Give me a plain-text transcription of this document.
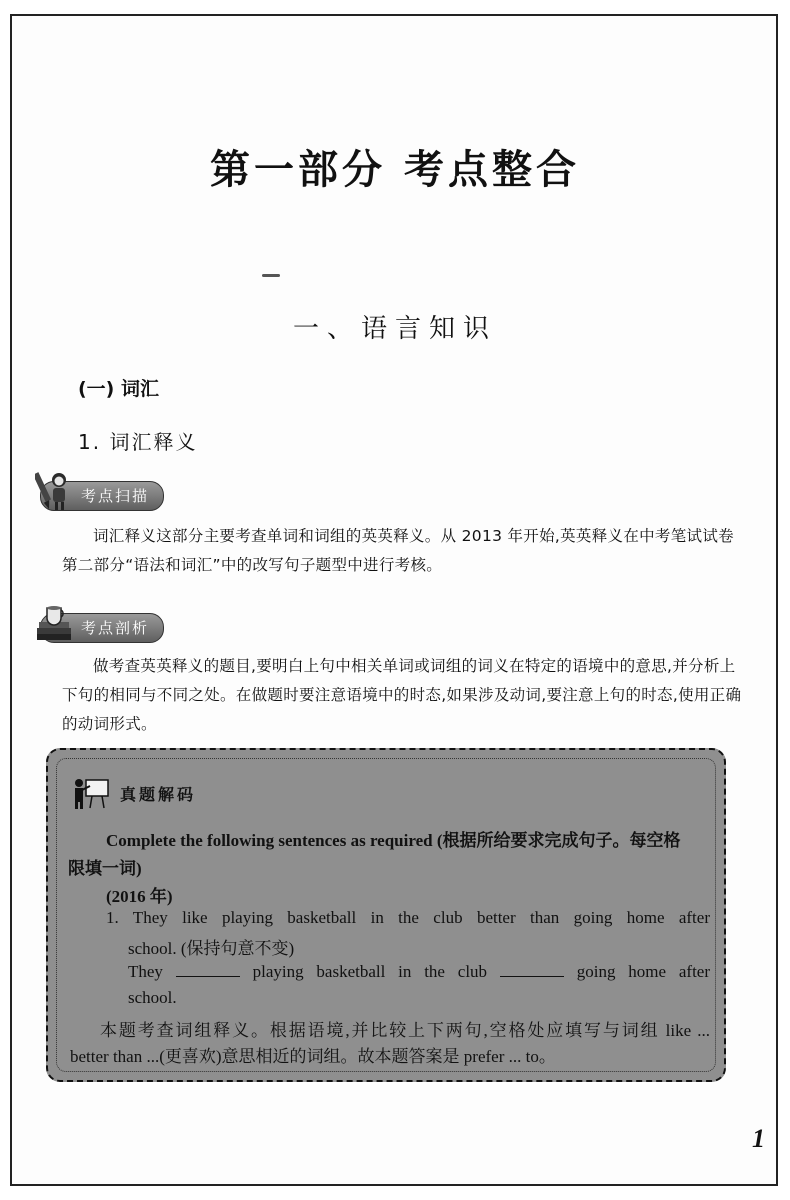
第一部分 考点整合
一、语言知识
(一) 词汇
1. 词汇释义
考点扫描
词汇释义这部分主要考查单词和词组的英英释义。从 2013 年开始,英英释义在中考笔试试卷第二部分“语法和词汇”中的改写句子题型中进行考核。
考点剖析
做考查英英释义的题目,要明白上句中相关单词或词组的词义在特定的语境中的意思,并分析上下句的相同与不同之处。在做题时要注意语境中的时态,如果涉及动词,要注意上句的时态,使用正确的动词形式。
真题解码
Complete the following sentences as required (根据所给要求完成句子。每空格
限填一词)
(2016 年)
1. They like playing basketball in the club better than going home after
school. (保持句意不变)
They	playing basketball in the club	going home after
school.
本题考查词组释义。根据语境,并比较上下两句,空格处应填写与词组 like ...
better than ...(更喜欢)意思相近的词组。故本题答案是 prefer ... to。
1
